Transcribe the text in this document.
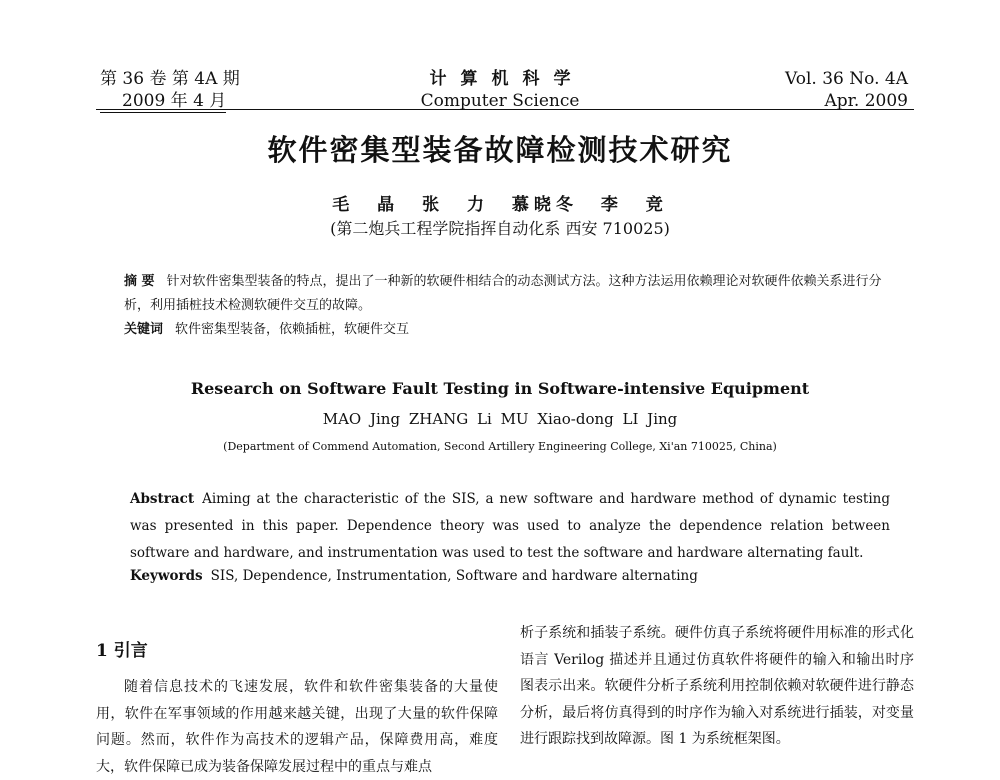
第 36 卷 第 4A 期
2009 年 4 月
计算机科学
Computer Science
Vol. 36 No. 4A
Apr. 2009
软件密集型装备故障检测技术研究
毛 晶 张 力 慕晓冬 李 竞
(第二炮兵工程学院指挥自动化系 西安 710025)
摘 要 针对软件密集型装备的特点，提出了一种新的软硬件相结合的动态测试方法。这种方法运用依赖理论对软硬件依赖关系进行分析，利用插桩技术检测软硬件交互的故障。
关键词 软件密集型装备，依赖插桩，软硬件交互
Research on Software Fault Testing in Software-intensive Equipment
MAO Jing ZHANG Li MU Xiao-dong LI Jing
(Department of Commend Automation, Second Artillery Engineering College, Xi'an 710025, China)

Abstract Aiming at the characteristic of the SIS, a new software and hardware method of dynamic testing was presented in this paper. Dependence theory was used to analyze the dependence relation between software and hardware, and instrumentation was used to test the software and hardware alternating fault.

Keywords SIS, Dependence, Instrumentation, Software and hardware alternating
1 引言

随着信息技术的飞速发展，软件和软件密集装备的大量使用，软件在军事领域的作用越来越关键，出现了大量的软件保障问题。然而，软件作为高技术的逻辑产品，保障费用高，难度大，软件保障已成为装备保障发展过程中的重点与难点

析子系统和插装子系统。硬件仿真子系统将硬件用标准的形式化语言 Verilog 描述并且通过仿真软件将硬件的输入和输出时序图表示出来。软硬件分析子系统利用控制依赖对软硬件进行静态分析，最后将仿真得到的时序作为输入对系统进行插装，对变量进行跟踪找到故障源。图 1 为系统框架图。
